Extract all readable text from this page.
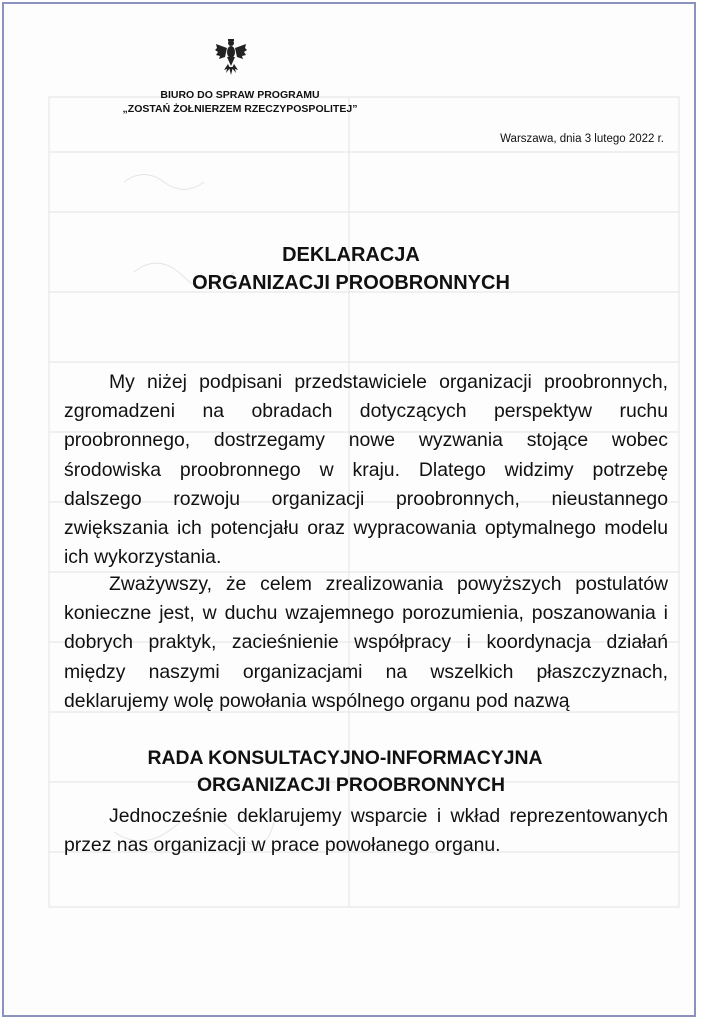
BIURO DO SPRAW PROGRAMU
„ZOSTAŃ ŻOŁNIERZEM RZECZYPOSPOLITEJ”
Warszawa, dnia 3 lutego 2022 r.
DEKLARACJA
ORGANIZACJI PROOBRONNYCH
My niżej podpisani przedstawiciele organizacji proobronnych, zgromadzeni na obradach dotyczących perspektyw ruchu proobronnego, dostrzegamy nowe wyzwania stojące wobec środowiska proobronnego w kraju. Dlatego widzimy potrzebę dalszego rozwoju organizacji proobronnych, nieustannego zwiększania ich potencjału oraz wypracowania optymalnego modelu ich wykorzystania.
Zważywszy, że celem zrealizowania powyższych postulatów konieczne jest, w duchu wzajemnego porozumienia, poszanowania i dobrych praktyk, zacieśnienie współpracy i koordynacja działań między naszymi organizacjami na wszelkich płaszczyznach, deklarujemy wolę powołania wspólnego organu pod nazwą
RADA KONSULTACYJNO-INFORMACYJNA
ORGANIZACJI PROOBRONNYCH
Jednocześnie deklarujemy wsparcie i wkład reprezentowanych przez nas organizacji w prace powołanego organu.
